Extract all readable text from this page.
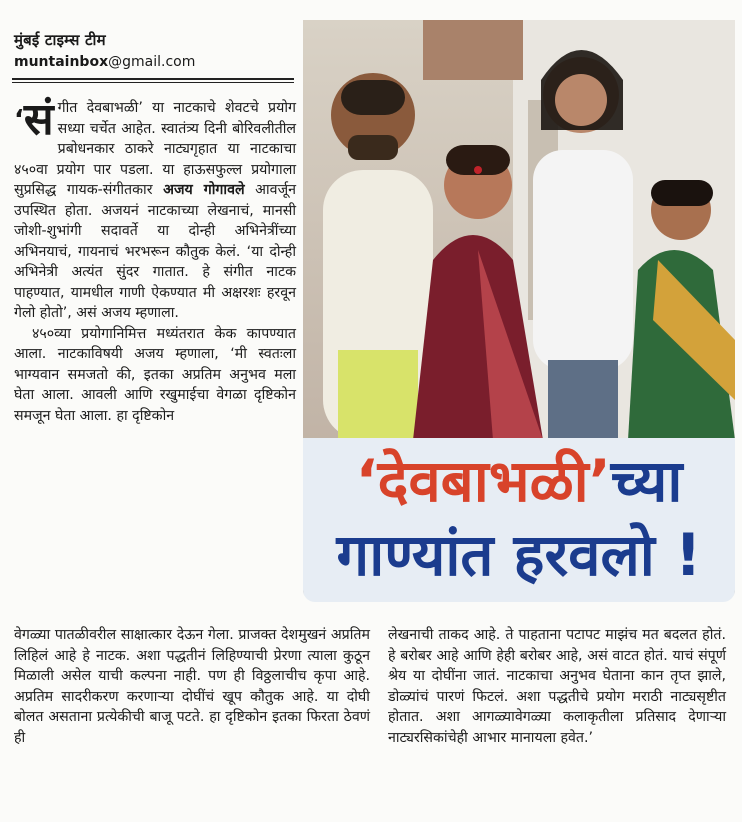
मुंबई टाइम्स टीम
muntainbox@gmail.com

‘सं गीत देवबाभळी’ या नाटकाचे शेवटचे प्रयोग सध्या चर्चेत आहेत. स्वातंत्र्य दिनी बोरिवलीतील प्रबोधनकार ठाकरे नाट्यगृहात या नाटकाचा ४५०वा प्रयोग पार पडला. या हाऊसफुल्ल प्रयोगाला सुप्रसिद्ध गायक-संगीतकार अजय गोगावले आवर्जून उपस्थित होता. अजयनं नाटकाच्या लेखनाचं, मानसी जोशी-शुभांगी सदावर्ते या दोन्ही अभिनेत्रींच्या अभिनयाचं, गायनाचं भरभरून कौतुक केलं. ‘या दोन्ही अभिनेत्री अत्यंत सुंदर गातात. हे संगीत नाटक पाहण्यात, यामधील गाणी ऐकण्यात मी अक्षरशः हरवून गेलो होतो’, असं अजय म्हणाला.

४५०व्या प्रयोगानिमित्त मध्यंतरात केक कापण्यात आला. नाटकाविषयी अजय म्हणाला, ‘मी स्वतःला भाग्यवान समजतो की, इतका अप्रतिम अनुभव मला घेता आला. आवली आणि रखुमाईचा वेगळा दृष्टिकोन समजून घेता आला. हा दृष्टिकोन

‘देवबाभळी’च्या
गाण्यांत हरवलो !
वेगळ्या पातळीवरील साक्षात्कार देऊन गेला. प्राजक्त देशमुखनं अप्रतिम लिहिलं आहे हे नाटक. अशा पद्धतीनं लिहिण्याची प्रेरणा त्याला कुठून मिळाली असेल याची कल्पना नाही. पण ही विठ्ठलाचीच कृपा आहे. अप्रतिम सादरीकरण करणाऱ्या दोघींचं खूप कौतुक आहे. या दोघी बोलत असताना प्रत्येकीची बाजू पटते. हा दृष्टिकोन इतका फिरता ठेवणं ही
लेखनाची ताकद आहे. ते पाहताना पटापट माझंच मत बदलत होतं. हे बरोबर आहे आणि हेही बरोबर आहे, असं वाटत होतं. याचं संपूर्ण श्रेय या दोघींना जातं. नाटकाचा अनुभव घेताना कान तृप्त झाले, डोळ्यांचं पारणं फिटलं. अशा पद्धतीचे प्रयोग मराठी नाट्यसृष्टीत होतात. अशा आगळ्यावेगळ्या कलाकृतीला प्रतिसाद देणाऱ्या नाट्यरसिकांचेही आभार मानायला हवेत.’
